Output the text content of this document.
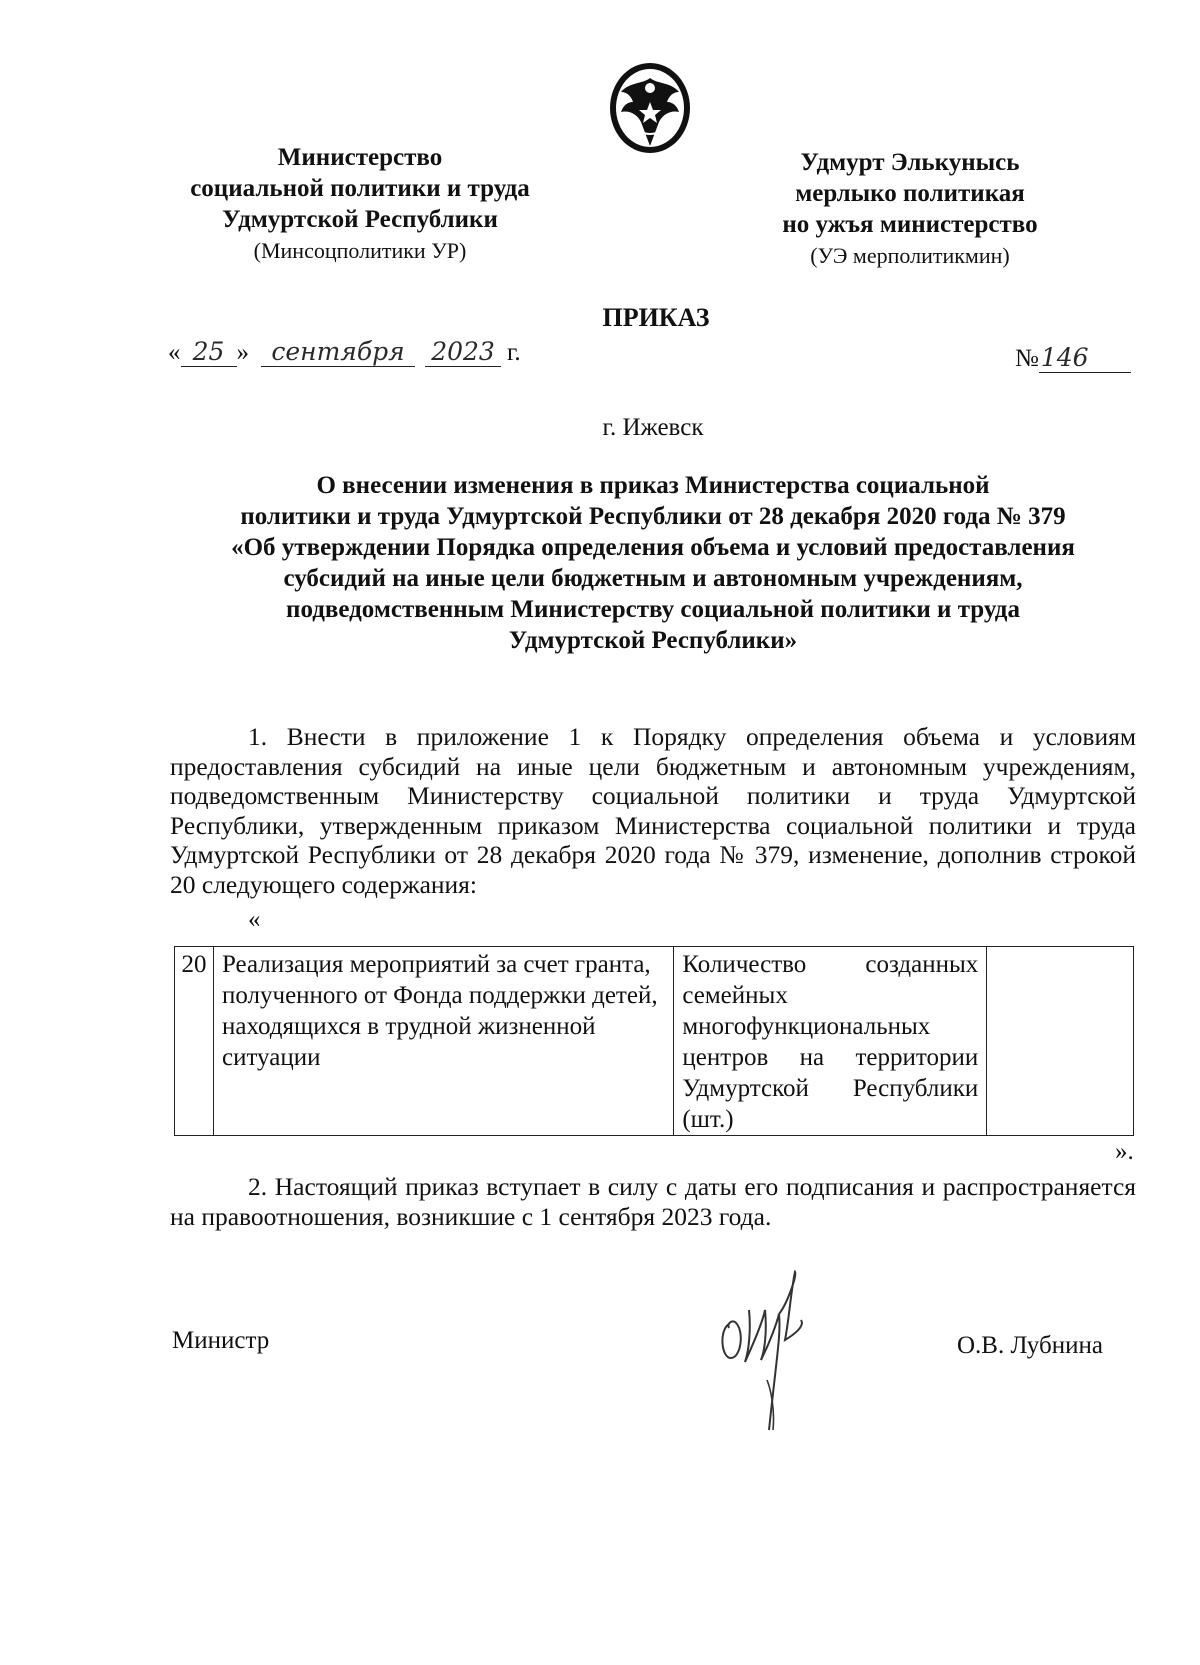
Министерство
социальной политики и труда
Удмуртской Республики
(Минсоцполитики УР)
Удмурт Элькунысь
мерлыко политикая
но ужъя министерство
(УЭ мерполитикмин)
ПРИКАЗ
« 25 » сентября	2023 г.	№ 146
г. Ижевск
О внесении изменения в приказ Министерства социальной
политики и труда Удмуртской Республики от 28 декабря 2020 года № 379
«Об утверждении Порядка определения объема и условий предоставления
субсидий на иные цели бюджетным и автономным учреждениям,
подведомственным Министерству социальной политики и труда
Удмуртской Республики»
1. Внести в приложение 1 к Порядку определения объема и условиям предоставления субсидий на иные цели бюджетным и автономным учреждениям, подведомственным Министерству социальной политики и труда Удмуртской Республики, утвержденным приказом Министерства социальной политики и труда Удмуртской Республики от 28 декабря 2020 года № 379, изменение, дополнив строкой 20 следующего содержания:
«
20	Реализация мероприятий за счет гранта, полученного от Фонда поддержки детей, находящихся в трудной жизненной ситуации	Количество созданных семейных многофункциональных центров на территории Удмуртской Республики (шт.)	
».
2. Настоящий приказ вступает в силу с даты его подписания и распространяется на правоотношения, возникшие с 1 сентября 2023 года.
Министр	О.В. Лубнина
